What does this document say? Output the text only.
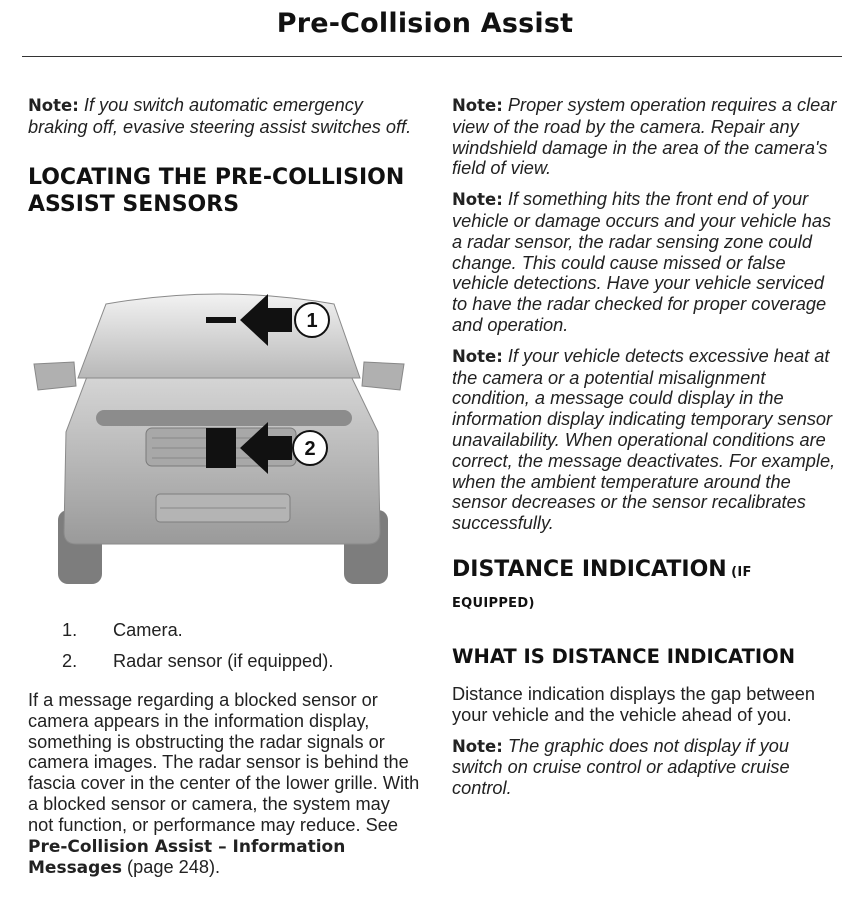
Pre-Collision Assist
Note: If you switch automatic emergency braking off, evasive steering assist switches off.
LOCATING THE PRE-COLLISION ASSIST SENSORS
1
2
1.	Camera.
2.	Radar sensor (if equipped).
If a message regarding a blocked sensor or camera appears in the information display, something is obstructing the radar signals or camera images. The radar sensor is behind the fascia cover in the center of the lower grille. With a blocked sensor or camera, the system may not function, or performance may reduce. See Pre-Collision Assist – Information Messages (page 248).
Note: Proper system operation requires a clear view of the road by the camera. Repair any windshield damage in the area of the camera's field of view.
Note: If something hits the front end of your vehicle or damage occurs and your vehicle has a radar sensor, the radar sensing zone could change. This could cause missed or false vehicle detections. Have your vehicle serviced to have the radar checked for proper coverage and operation.
Note: If your vehicle detects excessive heat at the camera or a potential misalignment condition, a message could display in the information display indicating temporary sensor unavailability. When operational conditions are correct, the message deactivates. For example, when the ambient temperature around the sensor decreases or the sensor recalibrates successfully.
DISTANCE INDICATION (IF
EQUIPPED)
WHAT IS DISTANCE INDICATION
Distance indication displays the gap between your vehicle and the vehicle ahead of you.
Note: The graphic does not display if you switch on cruise control or adaptive cruise control.
